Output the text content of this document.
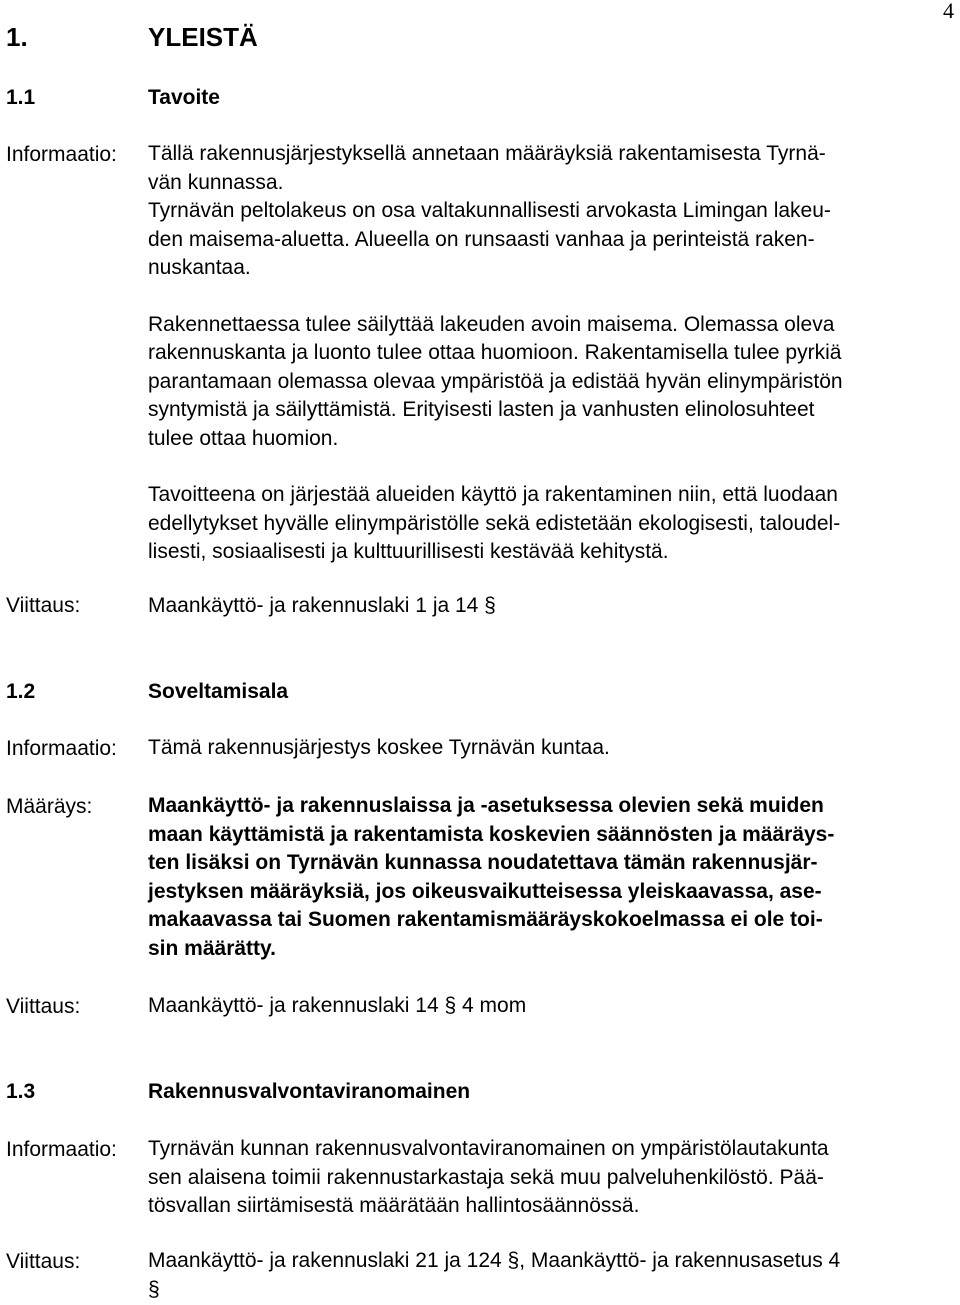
4
1.	YLEISTÄ
1.1	Tavoite
Informaatio: Tällä rakennusjärjestyksellä annetaan määräyksiä rakentamisesta Tyrnä-
vän kunnassa.
Tyrnävän peltolakeus on osa valtakunnallisesti arvokasta Limingan lakeu-
den maisema-aluetta. Alueella on runsaasti vanhaa ja perinteistä raken-
nuskantaa.
Rakennettaessa tulee säilyttää lakeuden avoin maisema. Olemassa oleva
rakennuskanta ja luonto tulee ottaa huomioon. Rakentamisella tulee pyrkiä
parantamaan olemassa olevaa ympäristöä ja edistää hyvän elinympäristön
syntymistä ja säilyttämistä. Erityisesti lasten ja vanhusten elinolosuhteet
tulee ottaa huomion.
Tavoitteena on järjestää alueiden käyttö ja rakentaminen niin, että luodaan
edellytykset hyvälle elinympäristölle sekä edistetään ekologisesti, taloudel-
lisesti, sosiaalisesti ja kulttuurillisesti kestävää kehitystä.
Viittaus:	Maankäyttö- ja rakennuslaki 1 ja 14 §
1.2	Soveltamisala
Informaatio: Tämä rakennusjärjestys koskee Tyrnävän kuntaa.
Määräys:	Maankäyttö- ja rakennuslaissa ja -asetuksessa olevien sekä muiden
maan käyttämistä ja rakentamista koskevien säännösten ja määräys-
ten lisäksi on Tyrnävän kunnassa noudatettava tämän rakennusjär-
jestyksen määräyksiä, jos oikeusvaikutteisessa yleiskaavassa, ase-
makaavassa tai Suomen rakentamismääräyskokoelmassa ei ole toi-
sin määrätty.
Viittaus:	Maankäyttö- ja rakennuslaki 14 § 4 mom
1.3	Rakennusvalvontaviranomainen
Informaatio: Tyrnävän kunnan rakennusvalvontaviranomainen on ympäristölautakunta
sen alaisena toimii rakennustarkastaja sekä muu palveluhenkilöstö. Pää-
tösvallan siirtämisestä määrätään hallintosäännössä.
Viittaus:	Maankäyttö- ja rakennuslaki 21 ja 124 §, Maankäyttö- ja rakennusasetus 4
§
